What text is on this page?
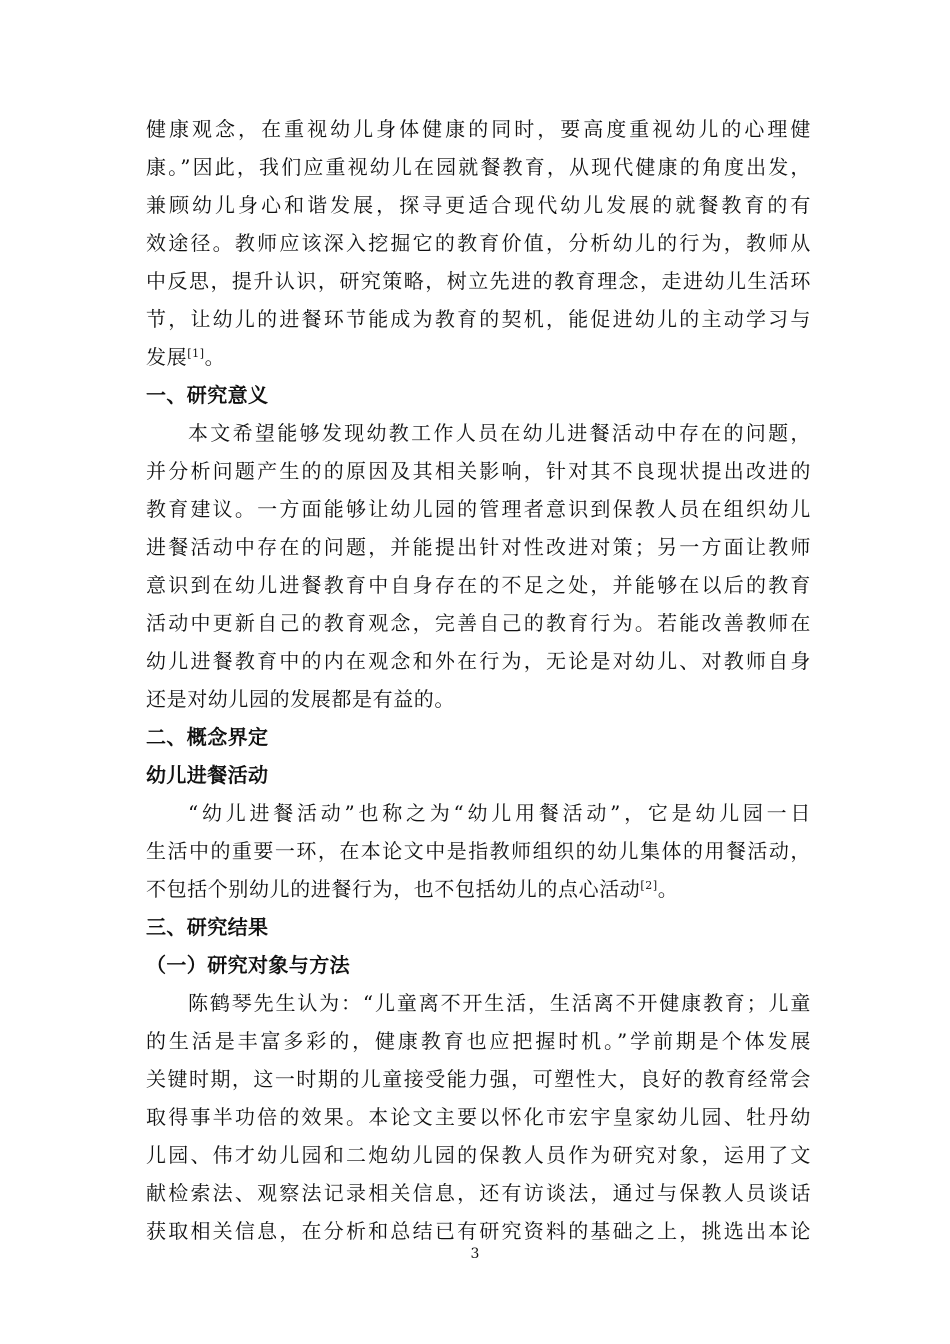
健康观念，在重视幼儿身体健康的同时，要高度重视幼儿的心理健
康。”因此，我们应重视幼儿在园就餐教育，从现代健康的角度出发，
兼顾幼儿身心和谐发展，探寻更适合现代幼儿发展的就餐教育的有
效途径。教师应该深入挖掘它的教育价值，分析幼儿的行为，教师从
中反思，提升认识，研究策略，树立先进的教育理念，走进幼儿生活环
节，让幼儿的进餐环节能成为教育的契机，能促进幼儿的主动学习与
发展[1]。
一、研究意义
本文希望能够发现幼教工作人员在幼儿进餐活动中存在的问题，
并分析问题产生的的原因及其相关影响，针对其不良现状提出改进的
教育建议。一方面能够让幼儿园的管理者意识到保教人员在组织幼儿
进餐活动中存在的问题，并能提出针对性改进对策；另一方面让教师
意识到在幼儿进餐教育中自身存在的不足之处，并能够在以后的教育
活动中更新自己的教育观念，完善自己的教育行为。若能改善教师在
幼儿进餐教育中的内在观念和外在行为，无论是对幼儿、对教师自身
还是对幼儿园的发展都是有益的。
二、概念界定
幼儿进餐活动
“幼儿进餐活动”也称之为“幼儿用餐活动”，它是幼儿园一日
生活中的重要一环，在本论文中是指教师组织的幼儿集体的用餐活动，
不包括个别幼儿的进餐行为，也不包括幼儿的点心活动[2]。
三、研究结果
（一）研究对象与方法
陈鹤琴先生认为：“儿童离不开生活，生活离不开健康教育；儿童
的生活是丰富多彩的，健康教育也应把握时机。”学前期是个体发展
关键时期，这一时期的儿童接受能力强，可塑性大，良好的教育经常会
取得事半功倍的效果。本论文主要以怀化市宏宇皇家幼儿园、牡丹幼
儿园、伟才幼儿园和二炮幼儿园的保教人员作为研究对象，运用了文
献检索法、观察法记录相关信息，还有访谈法，通过与保教人员谈话
获取相关信息，在分析和总结已有研究资料的基础之上，挑选出本论
3
